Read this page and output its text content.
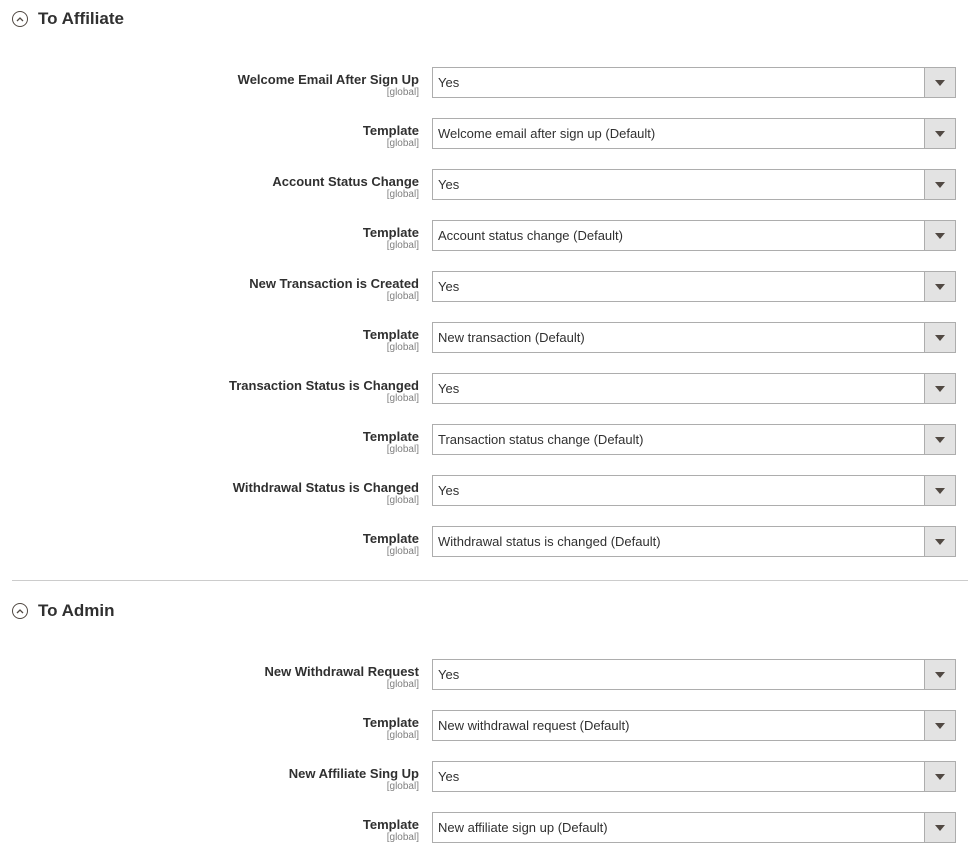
To Affiliate
Welcome Email After Sign Up
[global]
Yes
Template
[global]
Welcome email after sign up (Default)
Account Status Change
[global]
Yes
Template
[global]
Account status change (Default)
New Transaction is Created
[global]
Yes
Template
[global]
New transaction (Default)
Transaction Status is Changed
[global]
Yes
Template
[global]
Transaction status change (Default)
Withdrawal Status is Changed
[global]
Yes
Template
[global]
Withdrawal status is changed (Default)
To Admin
New Withdrawal Request
[global]
Yes
Template
[global]
New withdrawal request (Default)
New Affiliate Sing Up
[global]
Yes
Template
[global]
New affiliate sign up (Default)
